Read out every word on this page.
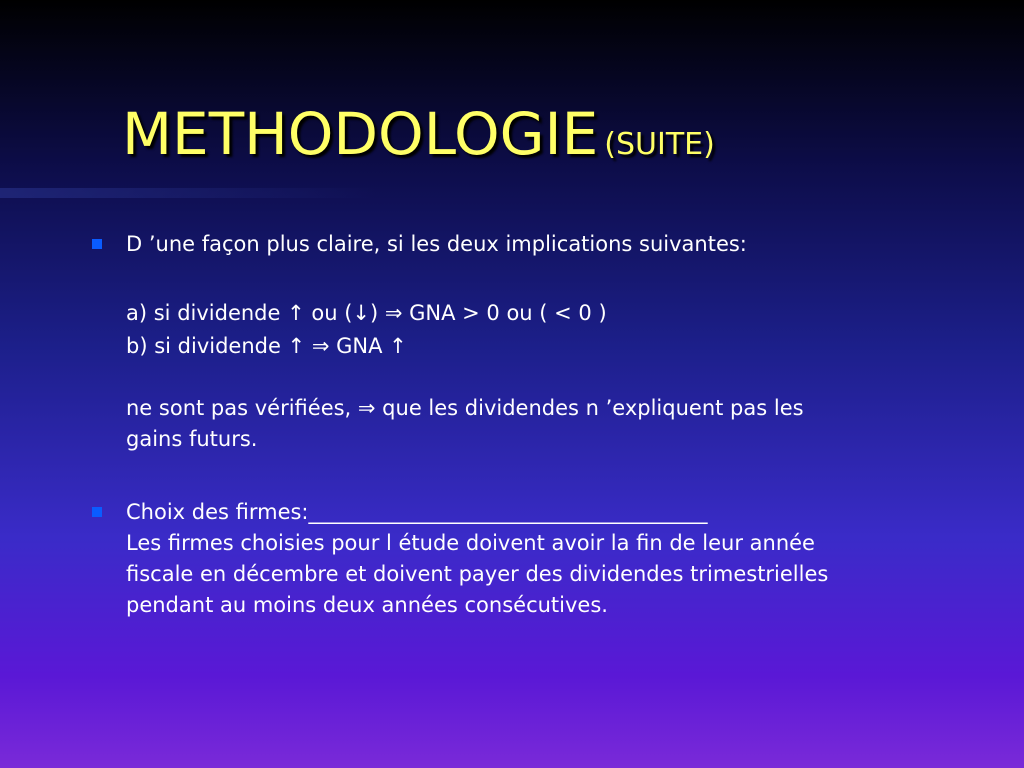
METHODOLOGIE (SUITE)
D ’une façon plus claire, si les deux implications suivantes:
a) si dividende ↑ ou (↓) ⇒ GNA > 0 ou ( < 0 )
b) si dividende ↑ ⇒ GNA ↑
ne sont pas vérifiées, ⇒ que les dividendes n ’expliquent pas les
gains futurs.
Choix des firmes:______________________________________
Les firmes choisies pour l étude doivent avoir la fin de leur année
fiscale en décembre et doivent payer des dividendes trimestrielles
pendant au moins deux années consécutives.
